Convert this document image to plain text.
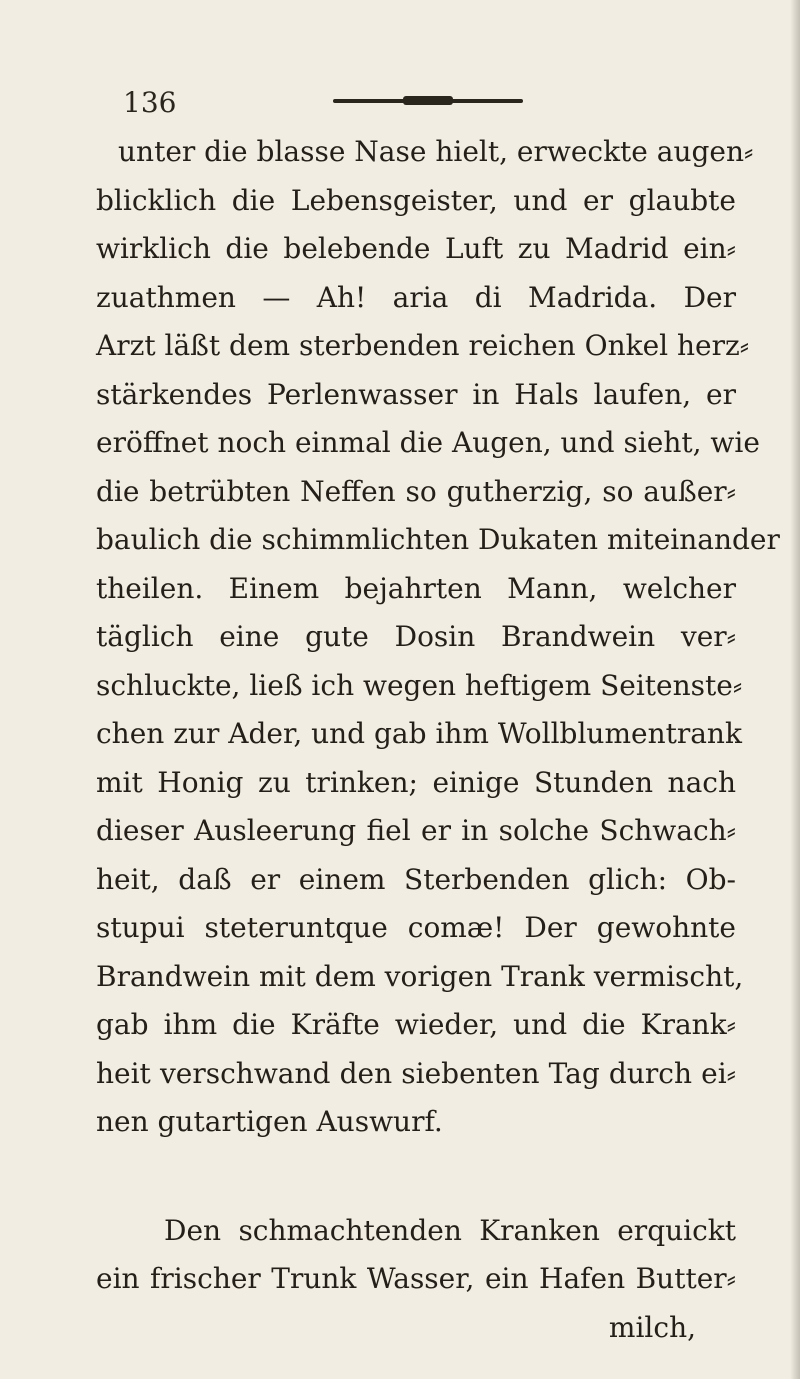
136
unter die blasse Nase hielt, erweckte augen⸗
blicklich die Lebensgeister, und er glaubte
wirklich die belebende Luft zu Madrid ein⸗
zuathmen — Ah! aria di Madrida. Der
Arzt läßt dem sterbenden reichen Onkel herz⸗
stärkendes Perlenwasser in Hals laufen, er
eröffnet noch einmal die Augen, und sieht, wie
die betrübten Neffen so gutherzig, so außer⸗
baulich die schimmlichten Dukaten miteinander
theilen. Einem bejahrten Mann, welcher
täglich eine gute Dosin Brandwein ver⸗
schluckte, ließ ich wegen heftigem Seitenste⸗
chen zur Ader, und gab ihm Wollblumentrank
mit Honig zu trinken; einige Stunden nach
dieser Ausleerung fiel er in solche Schwach⸗
heit, daß er einem Sterbenden glich: Ob-
stupui steteruntque comæ! Der gewohnte
Brandwein mit dem vorigen Trank vermischt,
gab ihm die Kräfte wieder, und die Krank⸗
heit verschwand den siebenten Tag durch ei⸗
nen gutartigen Auswurf.
Den schmachtenden Kranken erquickt
ein frischer Trunk Wasser, ein Hafen Butter⸗
milch,
